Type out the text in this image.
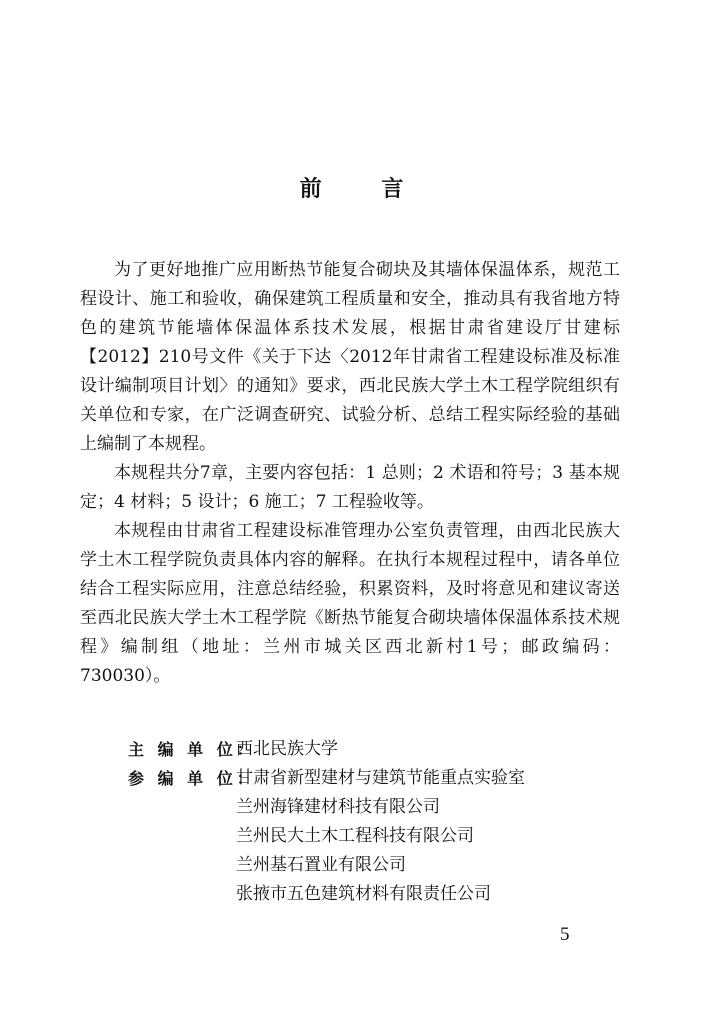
前 言

为了更好地推广应用断热节能复合砌块及其墙体保温体系，规范工程设计、施工和验收，确保建筑工程质量和安全，推动具有我省地方特色的建筑节能墙体保温体系技术发展，根据甘肃省建设厅甘建标【2012】210号文件《关于下达〈2012年甘肃省工程建设标准及标准设计编制项目计划〉的通知》要求，西北民族大学土木工程学院组织有关单位和专家，在广泛调查研究、试验分析、总结工程实际经验的基础上编制了本规程。

本规程共分7章，主要内容包括：1 总则；2 术语和符号；3 基本规定；4 材料；5 设计；6 施工；7 工程验收等。

本规程由甘肃省工程建设标准管理办公室负责管理，由西北民族大学土木工程学院负责具体内容的解释。在执行本规程过程中，请各单位结合工程实际应用，注意总结经验，积累资料，及时将意见和建议寄送至西北民族大学土木工程学院《断热节能复合砌块墙体保温体系技术规程》编制组（地址：兰州市城关区西北新村1号；邮政编码：730030）。

主 编 单 位：
西北民族大学
参 编 单 位：
甘肃省新型建材与建筑节能重点实验室
兰州海锋建材科技有限公司
兰州民大土木工程科技有限公司
兰州基石置业有限公司
张掖市五色建筑材料有限责任公司
5
